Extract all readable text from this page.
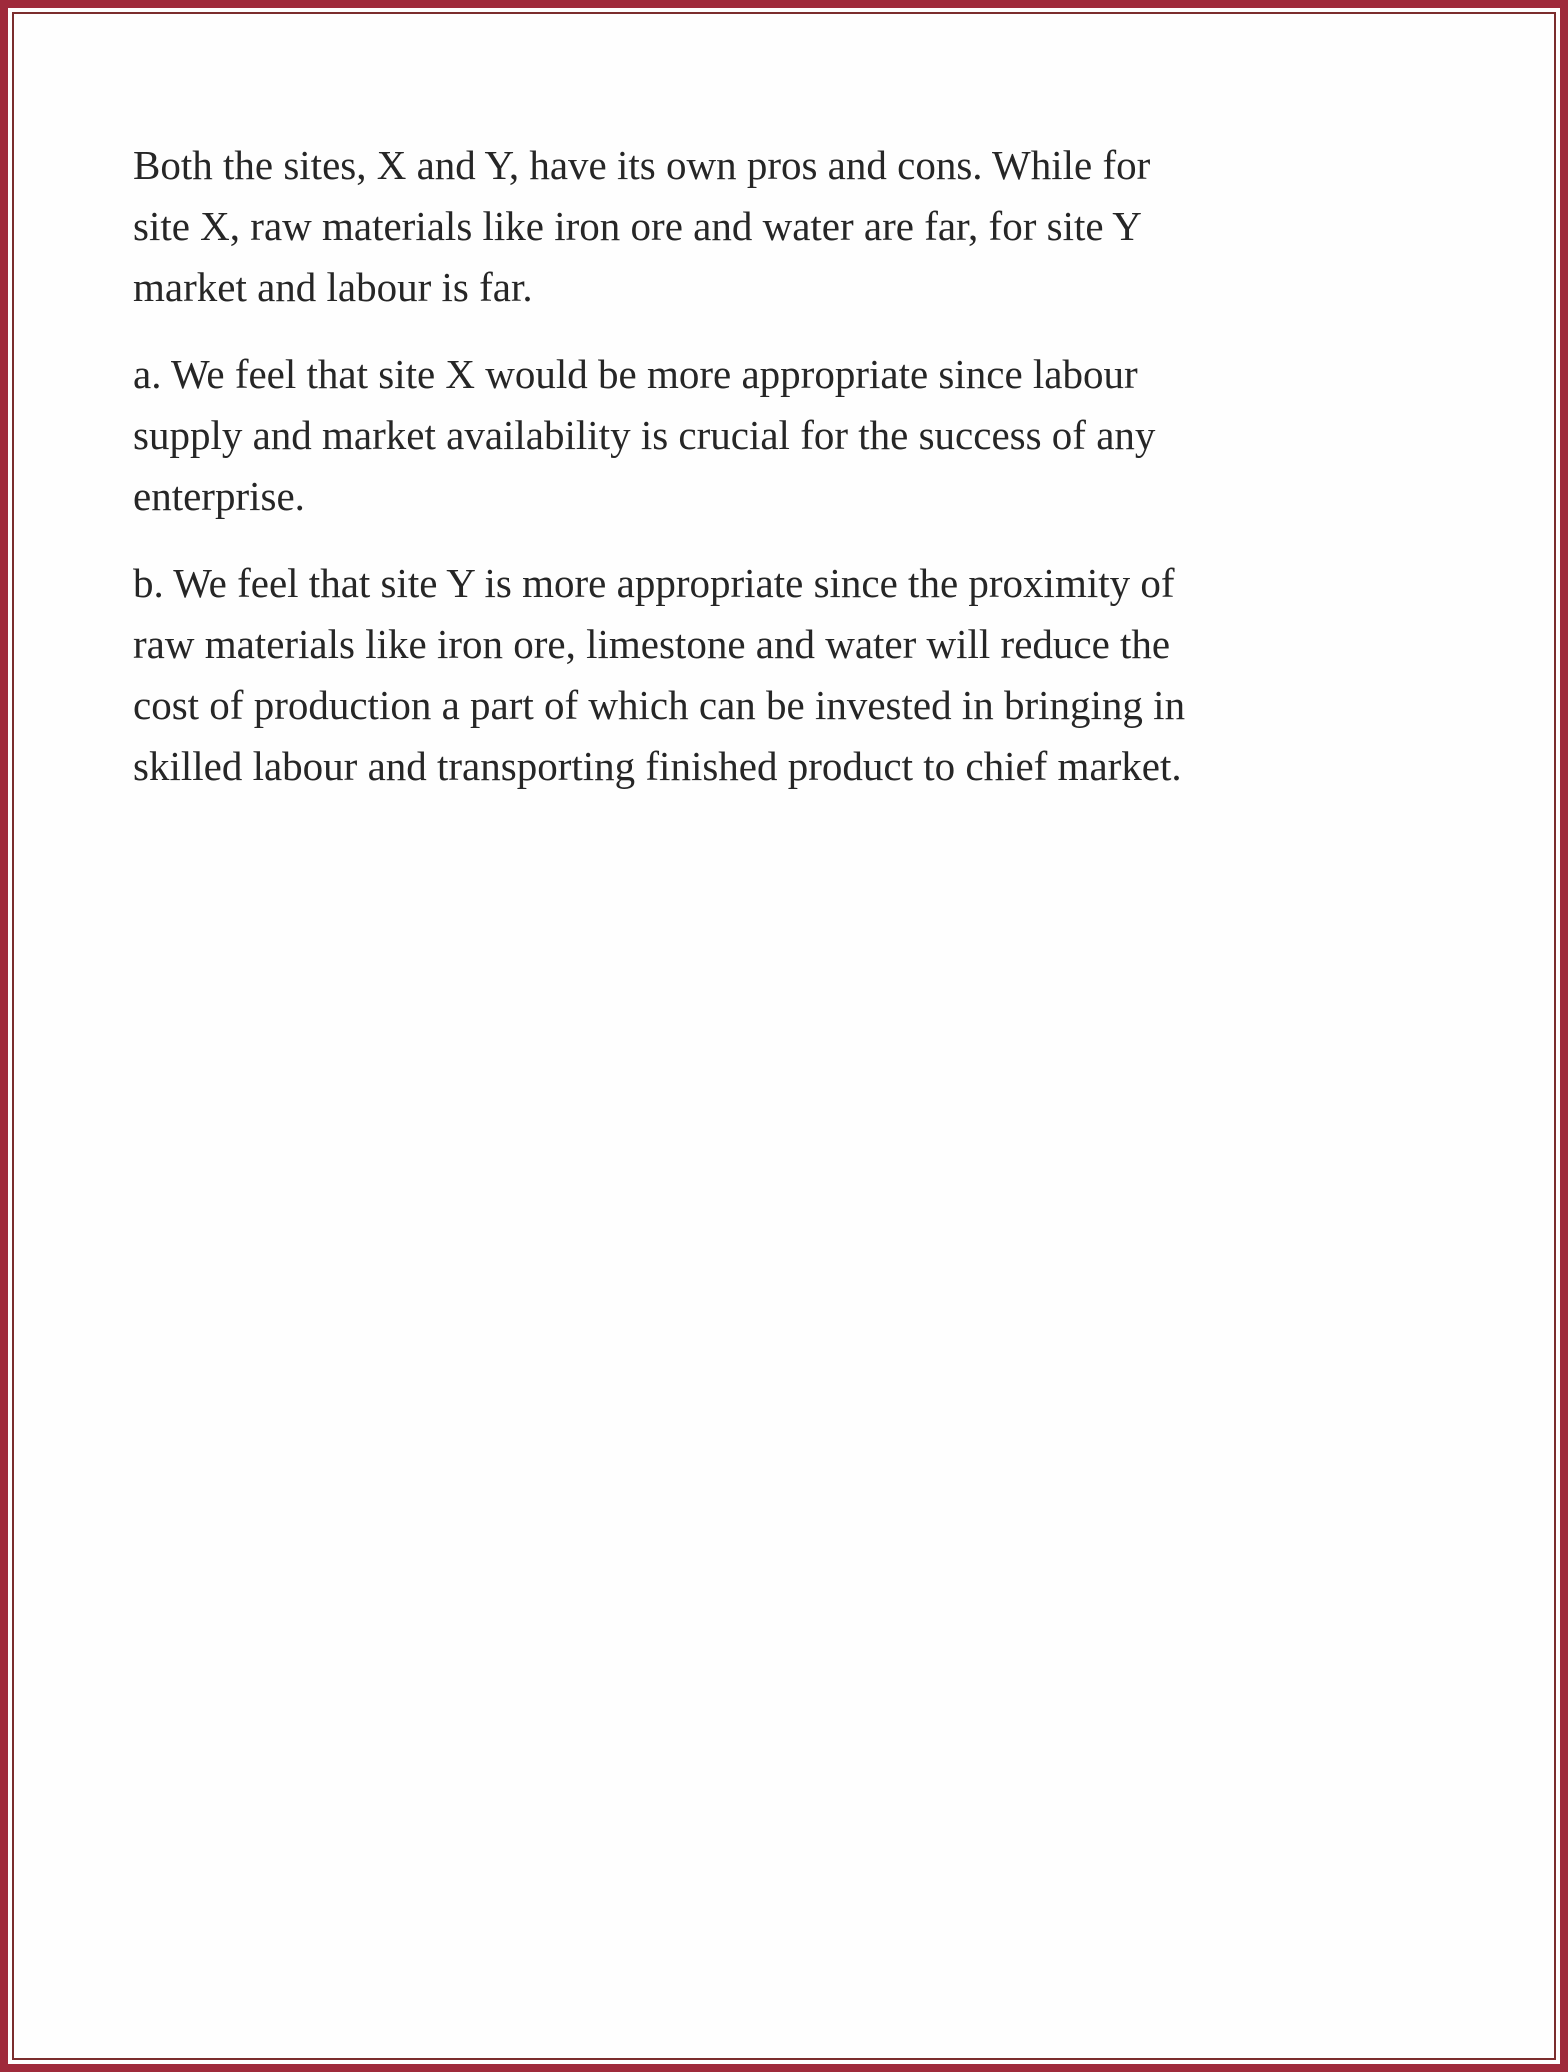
Both the sites, X and Y, have its own pros and cons. While for
site X, raw materials like iron ore and water are far, for site Y
market and labour is far.

a. We feel that site X would be more appropriate since labour
supply and market availability is crucial for the success of any
enterprise.

b. We feel that site Y is more appropriate since the proximity of
raw materials like iron ore, limestone and water will reduce the
cost of production a part of which can be invested in bringing in
skilled labour and transporting finished product to chief market.
